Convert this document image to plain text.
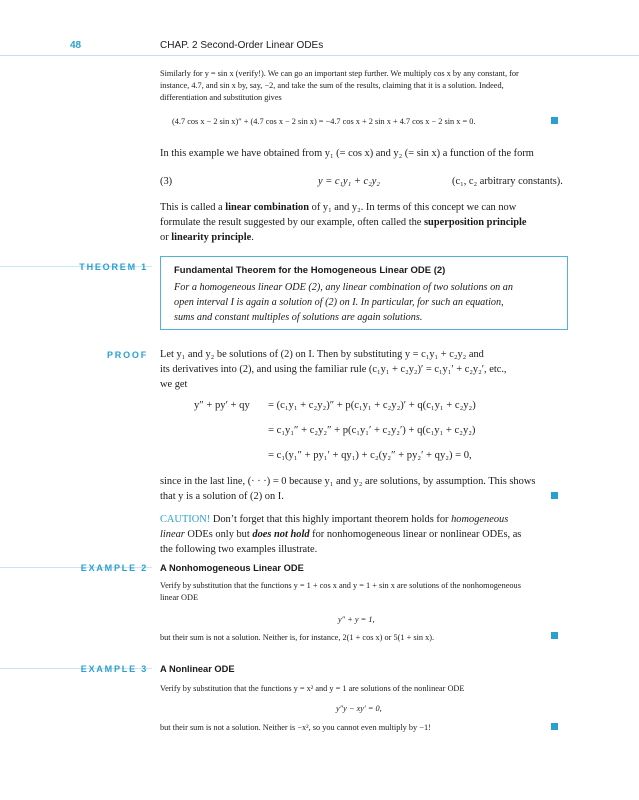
48	CHAP. 2 Second-Order Linear ODEs
Similarly for y = sin x (verify!). We can go an important step further. We multiply cos x by any constant, for
instance, 4.7, and sin x by, say, −2, and take the sum of the results, claiming that it is a solution. Indeed,
differentiation and substitution gives
(4.7 cos x − 2 sin x)″ + (4.7 cos x − 2 sin x) = −4.7 cos x + 2 sin x + 4.7 cos x − 2 sin x = 0.
In this example we have obtained from y₁ (= cos x) and y₂ (= sin x) a function of the form
(3)	y = c₁y₁ + c₂y₂	(c₁, c₂ arbitrary constants).
This is called a linear combination of y₁ and y₂. In terms of this concept we can now
formulate the result suggested by our example, often called the superposition principle
or linearity principle.
THEOREM 1	Fundamental Theorem for the Homogeneous Linear ODE (2)
For a homogeneous linear ODE (2), any linear combination of two solutions on an
open interval I is again a solution of (2) on I. In particular, for such an equation,
sums and constant multiples of solutions are again solutions.
PROOF Let y₁ and y₂ be solutions of (2) on I. Then by substituting y = c₁y₁ + c₂y₂ and
its derivatives into (2), and using the familiar rule (c₁y₁ + c₂y₂)′ = c₁y₁′ + c₂y₂′, etc.,
we get
y″ + py′ + qy = (c₁y₁ + c₂y₂)″ + p(c₁y₁ + c₂y₂)′ + q(c₁y₁ + c₂y₂)
= c₁y₁″ + c₂y₂″ + p(c₁y₁′ + c₂y₂′) + q(c₁y₁ + c₂y₂)
= c₁(y₁″ + py₁′ + qy₁) + c₂(y₂″ + py₂′ + qy₂) = 0,
since in the last line, (· · ·) = 0 because y₁ and y₂ are solutions, by assumption. This shows
that y is a solution of (2) on I.
CAUTION! Don’t forget that this highly important theorem holds for homogeneous
linear ODEs only but does not hold for nonhomogeneous linear or nonlinear ODEs, as
the following two examples illustrate.
EXAMPLE 2 A Nonhomogeneous Linear ODE
Verify by substitution that the functions y = 1 + cos x and y = 1 + sin x are solutions of the nonhomogeneous
linear ODE
y″ + y = 1,
but their sum is not a solution. Neither is, for instance, 2(1 + cos x) or 5(1 + sin x).
EXAMPLE 3 A Nonlinear ODE
Verify by substitution that the functions y = x² and y = 1 are solutions of the nonlinear ODE
y″y − xy′ = 0,
but their sum is not a solution. Neither is −x², so you cannot even multiply by −1!
